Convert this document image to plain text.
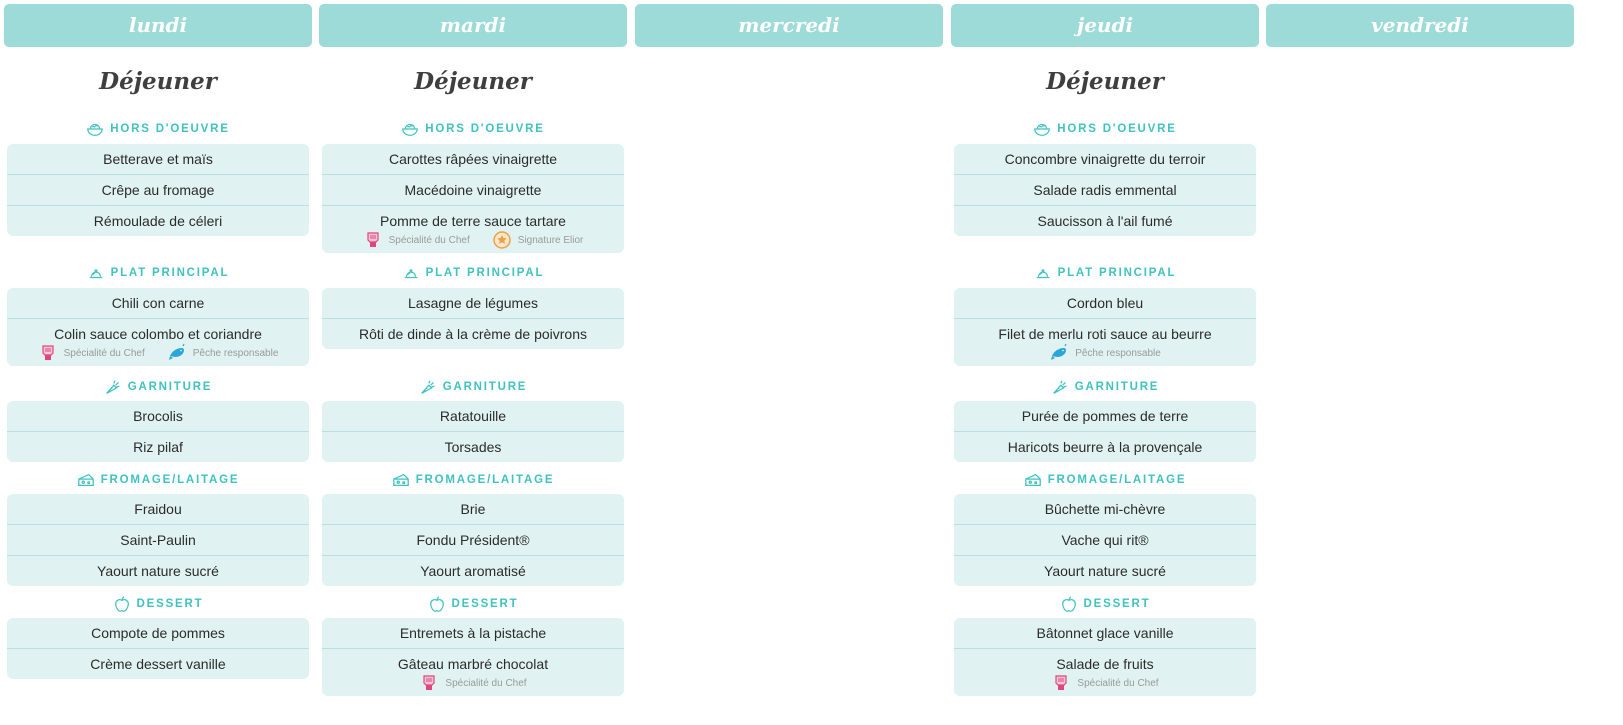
lundi
Déjeuner
HORS D'OEUVRE
Betterave et maïs
Crêpe au fromage
Rémoulade de céleri
PLAT PRINCIPAL
Chili con carne
Colin sauce colombo et coriandre
Spécialité du Chef	Pêche responsable
GARNITURE
Brocolis
Riz pilaf
FROMAGE/LAITAGE
Fraidou
Saint-Paulin
Yaourt nature sucré
DESSERT
Compote de pommes
Crème dessert vanille
mardi
Déjeuner
HORS D'OEUVRE
Carottes râpées vinaigrette
Macédoine vinaigrette
Pomme de terre sauce tartare
Spécialité du Chef	Signature Elior
PLAT PRINCIPAL
Lasagne de légumes
Rôti de dinde à la crème de poivrons
GARNITURE
Ratatouille
Torsades
FROMAGE/LAITAGE
Brie
Fondu Président®
Yaourt aromatisé
DESSERT
Entremets à la pistache
Gâteau marbré chocolat
Spécialité du Chef
mercredi	jeudi
Déjeuner
HORS D'OEUVRE
Concombre vinaigrette du terroir
Salade radis emmental
Saucisson à l'ail fumé
PLAT PRINCIPAL
Cordon bleu
Filet de merlu roti sauce au beurre
Pêche responsable
GARNITURE
Purée de pommes de terre
Haricots beurre à la provençale
FROMAGE/LAITAGE
Bûchette mi-chèvre
Vache qui rit®
Yaourt nature sucré
DESSERT
Bâtonnet glace vanille
Salade de fruits
Spécialité du Chef
vendredi
